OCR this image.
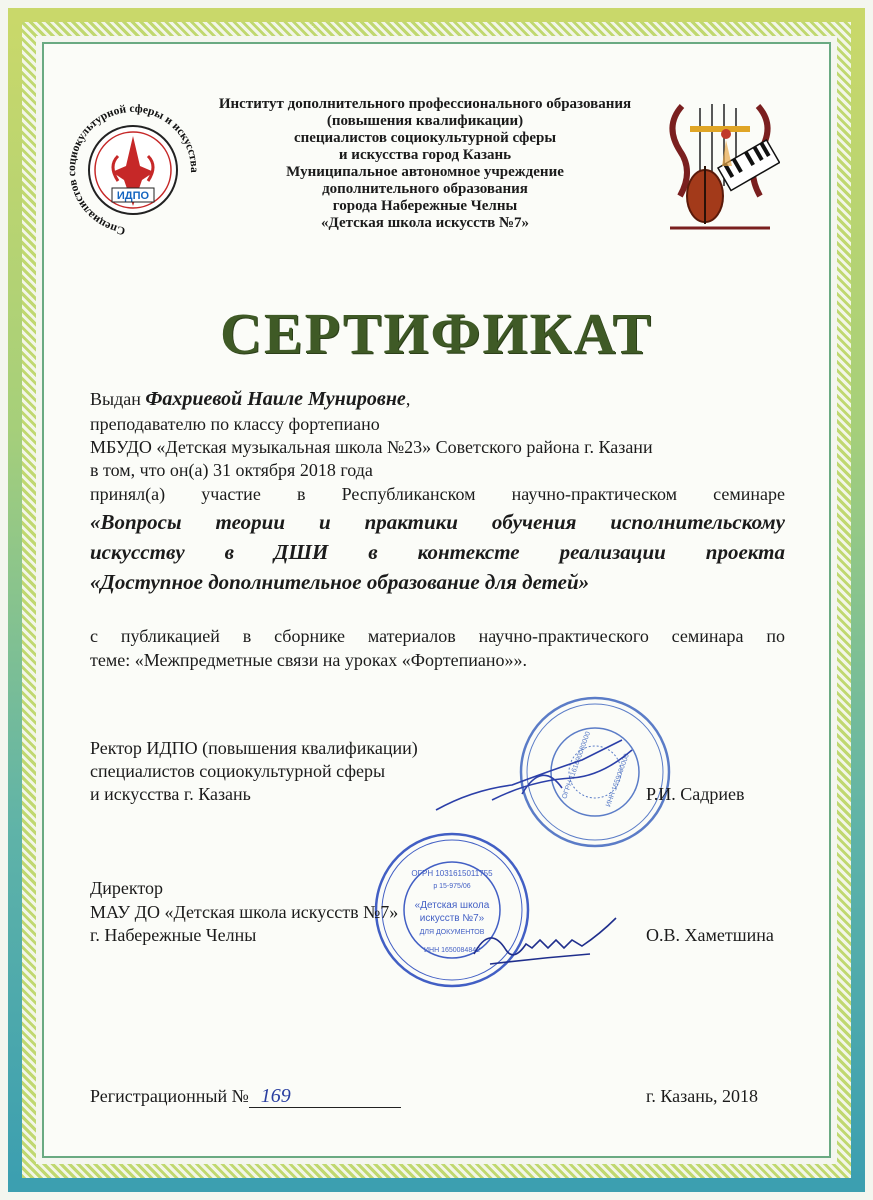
ИДПО
Специалистов иокультурной сферы и искусст
Институт дополнительного профессионального образования
(повышения квалификации)
специалистов социокультурной сферы
и искусства город Казань
Муниципальное автономное учреждение
дополнительного образования
города Набережные Челны
«Детская школа искусств №7»
СЕРТИФИКАТ
Выдан Фахриевой Наиле Мунировне,
преподавателю по классу фортепиано
МБУДО «Детская музыкальная школа №23» Советского района г. Казани
в том, что он(а) 31 октября 2018 года
принял(а) участие в Республиканском научно-практическом семинаре
«Вопросы теории и практики обучения исполнительскому
искусству в ДШИ в контексте реализации проекта
«Доступное дополнительное образование для детей»
с публикацией в сборнике материалов научно-практического семинара по
теме: «Межпредметные связи на уроках «Фортепиано»».
ОГРН 1161690080000 ИНН 1659000000
Ректор ИДПО (повышения квалификации)
специалистов социокультурной сферы
и искусства г. Казань	Р.И. Садриев
ОГРН 1031615011755
р 15-975/06
«Детская школа
искусств №7»
ДЛЯ ДОКУМЕНТОВ
ИНН 1650084842
Директор
МАУ ДО «Детская школа искусств №7»
г. Набережные Челны	О.В. Хаметшина
Регистрационный № 169	г. Казань, 2018
